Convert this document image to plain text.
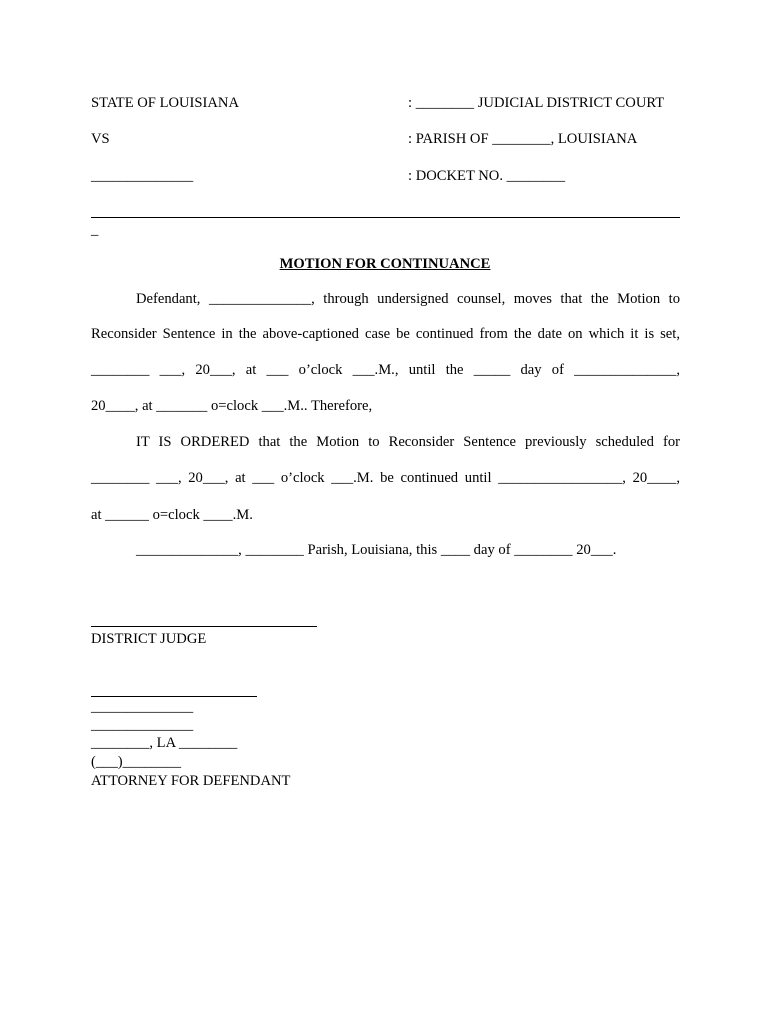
STATE OF LOUISIANA	: ________ JUDICIAL DISTRICT COURT
VS	: PARISH OF ________, LOUISIANA
______________	: DOCKET NO. ________
_
MOTION FOR CONTINUANCE
Defendant, ______________, through undersigned counsel, moves that the Motion to
Reconsider Sentence in the above-captioned case be continued from the date on which it is set,
________ ___, 20___, at ___ o’clock ___.M., until the _____ day of ______________,
20____, at _______ o=clock ___.M.. Therefore,
IT IS ORDERED that the Motion to Reconsider Sentence previously scheduled for
________ ___, 20___, at ___ o’clock ___.M. be continued until _________________, 20____,
at ______ o=clock ____.M.
______________, ________ Parish, Louisiana, this ____ day of ________ 20___.
DISTRICT JUDGE
______________
______________
________, LA ________
(___)________
ATTORNEY FOR DEFENDANT
